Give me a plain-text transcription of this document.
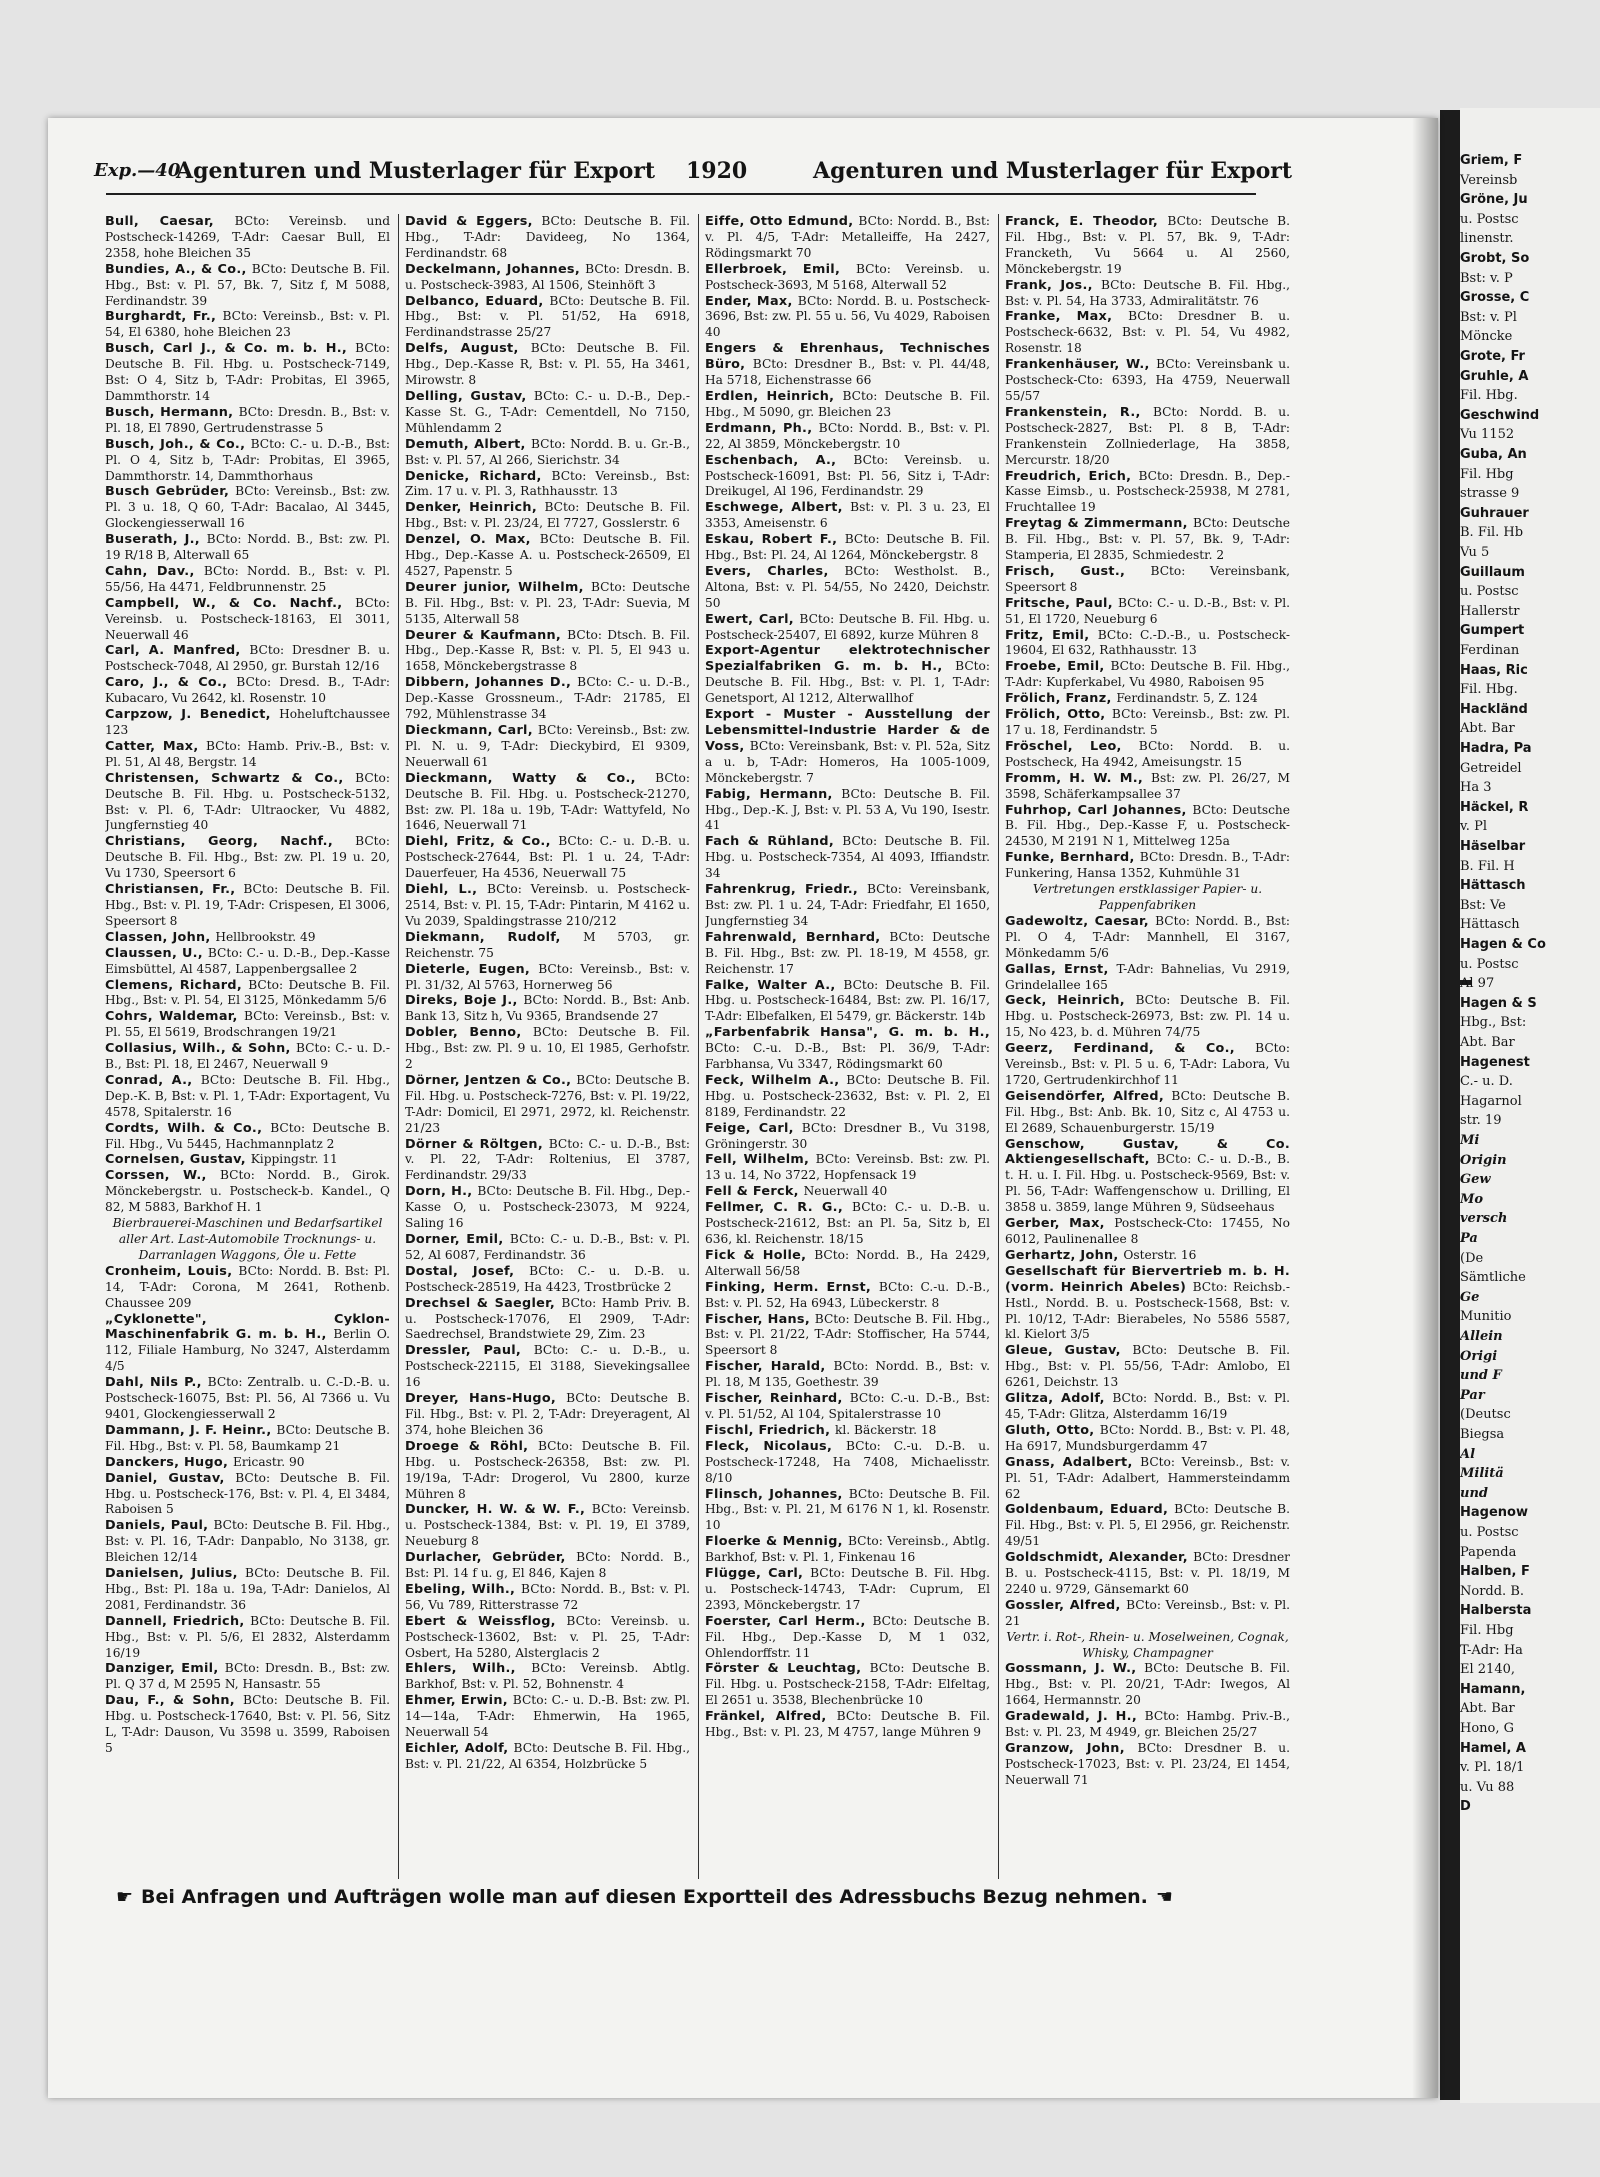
Exp.—40
Agenturen und Musterlager für Export 1920	Agenturen und Musterlager für Export
Bull, Caesar, BCto: Vereinsb. und Postscheck-14269, T-Adr: Caesar Bull, El 2358, hohe Bleichen 35
Bundies, A., & Co., BCto: Deutsche B. Fil. Hbg., Bst: v. Pl. 57, Bk. 7, Sitz f, M 5088, Ferdinandstr. 39
Burghardt, Fr., BCto: Vereinsb., Bst: v. Pl. 54, El 6380, hohe Bleichen 23
Busch, Carl J., & Co. m. b. H., BCto: Deutsche B. Fil. Hbg. u. Postscheck-7149, Bst: O 4, Sitz b, T-Adr: Probitas, El 3965, Dammthorstr. 14
Busch, Hermann, BCto: Dresdn. B., Bst: v. Pl. 18, El 7890, Gertrudenstrasse 5
Busch, Joh., & Co., BCto: C.- u. D.-B., Bst: Pl. O 4, Sitz b, T-Adr: Probitas, El 3965, Dammthorstr. 14, Dammthorhaus
Busch Gebrüder, BCto: Vereinsb., Bst: zw. Pl. 3 u. 18, Q 60, T-Adr: Bacalao, Al 3445, Glockengiesserwall 16
Buserath, J., BCto: Nordd. B., Bst: zw. Pl. 19 R/18 B, Alterwall 65
Cahn, Dav., BCto: Nordd. B., Bst: v. Pl. 55/56, Ha 4471, Feldbrunnenstr. 25
Campbell, W., & Co. Nachf., BCto: Vereinsb. u. Postscheck-18163, El 3011, Neuerwall 46
Carl, A. Manfred, BCto: Dresdner B. u. Postscheck-7048, Al 2950, gr. Burstah 12/16
Caro, J., & Co., BCto: Dresd. B., T-Adr: Kubacaro, Vu 2642, kl. Rosenstr. 10
Carpzow, J. Benedict, Hoheluftchaussee 123
Catter, Max, BCto: Hamb. Priv.-B., Bst: v. Pl. 51, Al 48, Bergstr. 14
Christensen, Schwartz & Co., BCto: Deutsche B. Fil. Hbg. u. Postscheck-5132, Bst: v. Pl. 6, T-Adr: Ultraocker, Vu 4882, Jungfernstieg 40
Christians, Georg, Nachf., BCto: Deutsche B. Fil. Hbg., Bst: zw. Pl. 19 u. 20, Vu 1730, Speersort 6
Christiansen, Fr., BCto: Deutsche B. Fil. Hbg., Bst: v. Pl. 19, T-Adr: Crispesen, El 3006, Speersort 8
Classen, John, Hellbrookstr. 49
Claussen, U., BCto: C.- u. D.-B., Dep.-Kasse Eimsbüttel, Al 4587, Lappenbergsallee 2
Clemens, Richard, BCto: Deutsche B. Fil. Hbg., Bst: v. Pl. 54, El 3125, Mönkedamm 5/6
Cohrs, Waldemar, BCto: Vereinsb., Bst: v. Pl. 55, El 5619, Brodschrangen 19/21
Collasius, Wilh., & Sohn, BCto: C.- u. D.-B., Bst: Pl. 18, El 2467, Neuerwall 9
Conrad, A., BCto: Deutsche B. Fil. Hbg., Dep.-K. B, Bst: v. Pl. 1, T-Adr: Exportagent, Vu 4578, Spitalerstr. 16
Cordts, Wilh. & Co., BCto: Deutsche B. Fil. Hbg., Vu 5445, Hachmannplatz 2
Cornelsen, Gustav, Kippingstr. 11
Corssen, W., BCto: Nordd. B., Girok. Mönckebergstr. u. Postscheck-b. Kandel., Q 82, M 5883, Barkhof H. 1
Bierbrauerei-Maschinen und Bedarfsartikel aller Art. Last-Automobile Trocknungs- u. Darranlagen Waggons, Öle u. Fette
Cronheim, Louis, BCto: Nordd. B. Bst: Pl. 14, T-Adr: Corona, M 2641, Rothenb. Chaussee 209
„Cyklonette", Cyklon-Maschinenfabrik G. m. b. H., Berlin O. 112, Filiale Hamburg, No 3247, Alsterdamm 4/5
Dahl, Nils P., BCto: Zentralb. u. C.-D.-B. u. Postscheck-16075, Bst: Pl. 56, Al 7366 u. Vu 9401, Glockengiesserwall 2
Dammann, J. F. Heinr., BCto: Deutsche B. Fil. Hbg., Bst: v. Pl. 58, Baumkamp 21
Danckers, Hugo, Ericastr. 90
Daniel, Gustav, BCto: Deutsche B. Fil. Hbg. u. Postscheck-176, Bst: v. Pl. 4, El 3484, Raboisen 5
Daniels, Paul, BCto: Deutsche B. Fil. Hbg., Bst: v. Pl. 16, T-Adr: Danpablo, No 3138, gr. Bleichen 12/14
Danielsen, Julius, BCto: Deutsche B. Fil. Hbg., Bst: Pl. 18a u. 19a, T-Adr: Danielos, Al 2081, Ferdinandstr. 36
Dannell, Friedrich, BCto: Deutsche B. Fil. Hbg., Bst: v. Pl. 5/6, El 2832, Alsterdamm 16/19
Danziger, Emil, BCto: Dresdn. B., Bst: zw. Pl. Q 37 d, M 2595 N, Hansastr. 55
Dau, F., & Sohn, BCto: Deutsche B. Fil. Hbg. u. Postscheck-17640, Bst: v. Pl. 56, Sitz L, T-Adr: Dauson, Vu 3598 u. 3599, Raboisen 5
David & Eggers, BCto: Deutsche B. Fil. Hbg., T-Adr: Davideeg, No 1364, Ferdinandstr. 68
Deckelmann, Johannes, BCto: Dresdn. B. u. Postscheck-3983, Al 1506, Steinhöft 3
Delbanco, Eduard, BCto: Deutsche B. Fil. Hbg., Bst: v. Pl. 51/52, Ha 6918, Ferdinandstrasse 25/27
Delfs, August, BCto: Deutsche B. Fil. Hbg., Dep.-Kasse R, Bst: v. Pl. 55, Ha 3461, Mirowstr. 8
Delling, Gustav, BCto: C.- u. D.-B., Dep.-Kasse St. G., T-Adr: Cementdell, No 7150, Mühlendamm 2
Demuth, Albert, BCto: Nordd. B. u. Gr.-B., Bst: v. Pl. 57, Al 266, Sierichstr. 34
Denicke, Richard, BCto: Vereinsb., Bst: Zim. 17 u. v. Pl. 3, Rathhausstr. 13
Denker, Heinrich, BCto: Deutsche B. Fil. Hbg., Bst: v. Pl. 23/24, El 7727, Gosslerstr. 6
Denzel, O. Max, BCto: Deutsche B. Fil. Hbg., Dep.-Kasse A. u. Postscheck-26509, El 4527, Papenstr. 5
Deurer junior, Wilhelm, BCto: Deutsche B. Fil. Hbg., Bst: v. Pl. 23, T-Adr: Suevia, M 5135, Alterwall 58
Deurer & Kaufmann, BCto: Dtsch. B. Fil. Hbg., Dep.-Kasse R, Bst: v. Pl. 5, El 943 u. 1658, Mönckebergstrasse 8
Dibbern, Johannes D., BCto: C.- u. D.-B., Dep.-Kasse Grossneum., T-Adr: 21785, El 792, Mühlenstrasse 34
Dieckmann, Carl, BCto: Vereinsb., Bst: zw. Pl. N. u. 9, T-Adr: Dieckybird, El 9309, Neuerwall 61
Dieckmann, Watty & Co., BCto: Deutsche B. Fil. Hbg. u. Postscheck-21270, Bst: zw. Pl. 18a u. 19b, T-Adr: Wattyfeld, No 1646, Neuerwall 71
Diehl, Fritz, & Co., BCto: C.- u. D.-B. u. Postscheck-27644, Bst: Pl. 1 u. 24, T-Adr: Dauerfeuer, Ha 4536, Neuerwall 75
Diehl, L., BCto: Vereinsb. u. Postscheck-2514, Bst: v. Pl. 15, T-Adr: Pintarin, M 4162 u. Vu 2039, Spaldingstrasse 210/212
Diekmann, Rudolf, M 5703, gr. Reichenstr. 75
Dieterle, Eugen, BCto: Vereinsb., Bst: v. Pl. 31/32, Al 5763, Hornerweg 56
Direks, Boje J., BCto: Nordd. B., Bst: Anb. Bank 13, Sitz h, Vu 9365, Brandsende 27
Dobler, Benno, BCto: Deutsche B. Fil. Hbg., Bst: zw. Pl. 9 u. 10, El 1985, Gerhofstr. 2
Dörner, Jentzen & Co., BCto: Deutsche B. Fil. Hbg. u. Postscheck-7276, Bst: v. Pl. 19/22, T-Adr: Domicil, El 2971, 2972, kl. Reichenstr. 21/23
Dörner & Röltgen, BCto: C.- u. D.-B., Bst: v. Pl. 22, T-Adr: Roltenius, El 3787, Ferdinandstr. 29/33
Dorn, H., BCto: Deutsche B. Fil. Hbg., Dep.-Kasse O, u. Postscheck-23073, M 9224, Saling 16
Dorner, Emil, BCto: C.- u. D.-B., Bst: v. Pl. 52, Al 6087, Ferdinandstr. 36
Dostal, Josef, BCto: C.- u. D.-B. u. Postscheck-28519, Ha 4423, Trostbrücke 2
Drechsel & Saegler, BCto: Hamb Priv. B. u. Postscheck-17076, El 2909, T-Adr: Saedrechsel, Brandstwiete 29, Zim. 23
Dressler, Paul, BCto: C.- u. D.-B., u. Postscheck-22115, El 3188, Sievekingsallee 16
Dreyer, Hans-Hugo, BCto: Deutsche B. Fil. Hbg., Bst: v. Pl. 2, T-Adr: Dreyeragent, Al 374, hohe Bleichen 36
Droege & Röhl, BCto: Deutsche B. Fil. Hbg. u. Postscheck-26358, Bst: zw. Pl. 19/19a, T-Adr: Drogerol, Vu 2800, kurze Mühren 8
Duncker, H. W. & W. F., BCto: Vereinsb. u. Postscheck-1384, Bst: v. Pl. 19, El 3789, Neueburg 8
Durlacher, Gebrüder, BCto: Nordd. B., Bst: Pl. 14 f u. g, El 846, Kajen 8
Ebeling, Wilh., BCto: Nordd. B., Bst: v. Pl. 56, Vu 789, Ritterstrasse 72
Ebert & Weissflog, BCto: Vereinsb. u. Postscheck-13602, Bst: v. Pl. 25, T-Adr: Osbert, Ha 5280, Alsterglacis 2
Ehlers, Wilh., BCto: Vereinsb. Abtlg. Barkhof, Bst: v. Pl. 52, Bohnenstr. 4
Ehmer, Erwin, BCto: C.- u. D.-B. Bst: zw. Pl. 14—14a, T-Adr: Ehmerwin, Ha 1965, Neuerwall 54
Eichler, Adolf, BCto: Deutsche B. Fil. Hbg., Bst: v. Pl. 21/22, Al 6354, Holzbrücke 5
Eiffe, Otto Edmund, BCto: Nordd. B., Bst: v. Pl. 4/5, T-Adr: Metalleiffe, Ha 2427, Rödingsmarkt 70
Ellerbroek, Emil, BCto: Vereinsb. u. Postscheck-3693, M 5168, Alterwall 52
Ender, Max, BCto: Nordd. B. u. Postscheck-3696, Bst: zw. Pl. 55 u. 56, Vu 4029, Raboisen 40
Engers & Ehrenhaus, Technisches Büro, BCto: Dresdner B., Bst: v. Pl. 44/48, Ha 5718, Eichenstrasse 66
Erdlen, Heinrich, BCto: Deutsche B. Fil. Hbg., M 5090, gr. Bleichen 23
Erdmann, Ph., BCto: Nordd. B., Bst: v. Pl. 22, Al 3859, Mönckebergstr. 10
Eschenbach, A., BCto: Vereinsb. u. Postscheck-16091, Bst: Pl. 56, Sitz i, T-Adr: Dreikugel, Al 196, Ferdinandstr. 29
Eschwege, Albert, Bst: v. Pl. 3 u. 23, El 3353, Ameisenstr. 6
Eskau, Robert F., BCto: Deutsche B. Fil. Hbg., Bst: Pl. 24, Al 1264, Mönckebergstr. 8
Evers, Charles, BCto: Westholst. B., Altona, Bst: v. Pl. 54/55, No 2420, Deichstr. 50
Ewert, Carl, BCto: Deutsche B. Fil. Hbg. u. Postscheck-25407, El 6892, kurze Mühren 8
Export-Agentur elektrotechnischer Spezialfabriken G. m. b. H., BCto: Deutsche B. Fil. Hbg., Bst: v. Pl. 1, T-Adr: Genetsport, Al 1212, Alterwallhof
Export - Muster - Ausstellung der Lebensmittel-Industrie Harder & de Voss, BCto: Vereinsbank, Bst: v. Pl. 52a, Sitz a u. b, T-Adr: Homeros, Ha 1005-1009, Mönckebergstr. 7
Fabig, Hermann, BCto: Deutsche B. Fil. Hbg., Dep.-K. J, Bst: v. Pl. 53 A, Vu 190, Isestr. 41
Fach & Rühland, BCto: Deutsche B. Fil. Hbg. u. Postscheck-7354, Al 4093, Iffiandstr. 34
Fahrenkrug, Friedr., BCto: Vereinsbank, Bst: zw. Pl. 1 u. 24, T-Adr: Friedfahr, El 1650, Jungfernstieg 34
Fahrenwald, Bernhard, BCto: Deutsche B. Fil. Hbg., Bst: zw. Pl. 18-19, M 4558, gr. Reichenstr. 17
Falke, Walter A., BCto: Deutsche B. Fil. Hbg. u. Postscheck-16484, Bst: zw. Pl. 16/17, T-Adr: Elbefalken, El 5479, gr. Bäckerstr. 14b
„Farbenfabrik Hansa", G. m. b. H., BCto: C.-u. D.-B., Bst: Pl. 36/9, T-Adr: Farbhansa, Vu 3347, Rödingsmarkt 60
Feck, Wilhelm A., BCto: Deutsche B. Fil. Hbg. u. Postscheck-23632, Bst: v. Pl. 2, El 8189, Ferdinandstr. 22
Feige, Carl, BCto: Dresdner B., Vu 3198, Gröningerstr. 30
Fell, Wilhelm, BCto: Vereinsb. Bst: zw. Pl. 13 u. 14, No 3722, Hopfensack 19
Fell & Ferck, Neuerwall 40
Fellmer, C. R. G., BCto: C.- u. D.-B. u. Postscheck-21612, Bst: an Pl. 5a, Sitz b, El 636, kl. Reichenstr. 18/15
Fick & Holle, BCto: Nordd. B., Ha 2429, Alterwall 56/58
Finking, Herm. Ernst, BCto: C.-u. D.-B., Bst: v. Pl. 52, Ha 6943, Lübeckerstr. 8
Fischer, Hans, BCto: Deutsche B. Fil. Hbg., Bst: v. Pl. 21/22, T-Adr: Stoffischer, Ha 5744, Speersort 8
Fischer, Harald, BCto: Nordd. B., Bst: v. Pl. 18, M 135, Goethestr. 39
Fischer, Reinhard, BCto: C.-u. D.-B., Bst: v. Pl. 51/52, Al 104, Spitalerstrasse 10
Fischl, Friedrich, kl. Bäckerstr. 18
Fleck, Nicolaus, BCto: C.-u. D.-B. u. Postscheck-17248, Ha 7408, Michaelisstr. 8/10
Flinsch, Johannes, BCto: Deutsche B. Fil. Hbg., Bst: v. Pl. 21, M 6176 N 1, kl. Rosenstr. 10
Floerke & Mennig, BCto: Vereinsb., Abtlg. Barkhof, Bst: v. Pl. 1, Finkenau 16
Flügge, Carl, BCto: Deutsche B. Fil. Hbg. u. Postscheck-14743, T-Adr: Cuprum, El 2393, Mönckebergstr. 17
Foerster, Carl Herm., BCto: Deutsche B. Fil. Hbg., Dep.-Kasse D, M 1 032, Ohlendorffstr. 11
Förster & Leuchtag, BCto: Deutsche B. Fil. Hbg. u. Postscheck-2158, T-Adr: Elfeltag, El 2651 u. 3538, Blechenbrücke 10
Fränkel, Alfred, BCto: Deutsche B. Fil. Hbg., Bst: v. Pl. 23, M 4757, lange Mühren 9
Franck, E. Theodor, BCto: Deutsche B. Fil. Hbg., Bst: v. Pl. 57, Bk. 9, T-Adr: Francketh, Vu 5664 u. Al 2560, Mönckebergstr. 19
Frank, Jos., BCto: Deutsche B. Fil. Hbg., Bst: v. Pl. 54, Ha 3733, Admiralitätstr. 76
Franke, Max, BCto: Dresdner B. u. Postscheck-6632, Bst: v. Pl. 54, Vu 4982, Rosenstr. 18
Frankenhäuser, W., BCto: Vereinsbank u. Postscheck-Cto: 6393, Ha 4759, Neuerwall 55/57
Frankenstein, R., BCto: Nordd. B. u. Postscheck-2827, Bst: Pl. 8 B, T-Adr: Frankenstein Zollniederlage, Ha 3858, Mercurstr. 18/20
Freudrich, Erich, BCto: Dresdn. B., Dep.-Kasse Eimsb., u. Postscheck-25938, M 2781, Fruchtallee 19
Freytag & Zimmermann, BCto: Deutsche B. Fil. Hbg., Bst: v. Pl. 57, Bk. 9, T-Adr: Stamperia, El 2835, Schmiedestr. 2
Frisch, Gust., BCto: Vereinsbank, Speersort 8
Fritsche, Paul, BCto: C.- u. D.-B., Bst: v. Pl. 51, El 1720, Neueburg 6
Fritz, Emil, BCto: C.-D.-B., u. Postscheck-19604, El 632, Rathhausstr. 13
Froebe, Emil, BCto: Deutsche B. Fil. Hbg., T-Adr: Kupferkabel, Vu 4980, Raboisen 95
Frölich, Franz, Ferdinandstr. 5, Z. 124
Frölich, Otto, BCto: Vereinsb., Bst: zw. Pl. 17 u. 18, Ferdinandstr. 5
Fröschel, Leo, BCto: Nordd. B. u. Postscheck, Ha 4942, Ameisungstr. 15
Fromm, H. W. M., Bst: zw. Pl. 26/27, M 3598, Schäferkampsallee 37
Fuhrhop, Carl Johannes, BCto: Deutsche B. Fil. Hbg., Dep.-Kasse F, u. Postscheck-24530, M 2191 N 1, Mittelweg 125a
Funke, Bernhard, BCto: Dresdn. B., T-Adr: Funkering, Hansa 1352, Kuhmühle 31
Vertretungen erstklassiger Papier- u. Pappenfabriken
Gadewoltz, Caesar, BCto: Nordd. B., Bst: Pl. O 4, T-Adr: Mannhell, El 3167, Mönkedamm 5/6
Gallas, Ernst, T-Adr: Bahnelias, Vu 2919, Grindelallee 165
Geck, Heinrich, BCto: Deutsche B. Fil. Hbg. u. Postscheck-26973, Bst: zw. Pl. 14 u. 15, No 423, b. d. Mühren 74/75
Geerz, Ferdinand, & Co., BCto: Vereinsb., Bst: v. Pl. 5 u. 6, T-Adr: Labora, Vu 1720, Gertrudenkirchhof 11
Geisendörfer, Alfred, BCto: Deutsche B. Fil. Hbg., Bst: Anb. Bk. 10, Sitz c, Al 4753 u. El 2689, Schauenburgerstr. 15/19
Genschow, Gustav, & Co. Aktiengesellschaft, BCto: C.- u. D.-B., B. t. H. u. I. Fil. Hbg. u. Postscheck-9569, Bst: v. Pl. 56, T-Adr: Waffengenschow u. Drilling, El 3858 u. 3859, lange Mühren 9, Südseehaus
Gerber, Max, Postscheck-Cto: 17455, No 6012, Paulinenallee 8
Gerhartz, John, Osterstr. 16
Gesellschaft für Biervertrieb m. b. H. (vorm. Heinrich Abeles) BCto: Reichsb.-Hstl., Nordd. B. u. Postscheck-1568, Bst: v. Pl. 10/12, T-Adr: Bierabeles, No 5586 5587, kl. Kielort 3/5
Gleue, Gustav, BCto: Deutsche B. Fil. Hbg., Bst: v. Pl. 55/56, T-Adr: Amlobo, El 6261, Deichstr. 13
Glitza, Adolf, BCto: Nordd. B., Bst: v. Pl. 45, T-Adr: Glitza, Alsterdamm 16/19
Gluth, Otto, BCto: Nordd. B., Bst: v. Pl. 48, Ha 6917, Mundsburgerdamm 47
Gnass, Adalbert, BCto: Vereinsb., Bst: v. Pl. 51, T-Adr: Adalbert, Hammersteindamm 62
Goldenbaum, Eduard, BCto: Deutsche B. Fil. Hbg., Bst: v. Pl. 5, El 2956, gr. Reichenstr. 49/51
Goldschmidt, Alexander, BCto: Dresdner B. u. Postscheck-4115, Bst: v. Pl. 18/19, M 2240 u. 9729, Gänsemarkt 60
Gossler, Alfred, BCto: Vereinsb., Bst: v. Pl. 21
Vertr. i. Rot-, Rhein- u. Moselweinen, Cognak, Whisky, Champagner
Gossmann, J. W., BCto: Deutsche B. Fil. Hbg., Bst: v. Pl. 20/21, T-Adr: Iwegos, Al 1664, Hermannstr. 20
Gradewald, J. H., BCto: Hambg. Priv.-B., Bst: v. Pl. 23, M 4949, gr. Bleichen 25/27
Granzow, John, BCto: Dresdner B. u. Postscheck-17023, Bst: v. Pl. 23/24, El 1454, Neuerwall 71
☛ Bei Anfragen und Aufträgen wolle man auf diesen Exportteil des Adressbuchs Bezug nehmen. ☚
Griem, F
Vereinsb
Gröne, Ju
u. Postsc
linenstr.
Grobt, So
Bst: v. P
Grosse, C
Bst: v. Pl
Möncke
Grote, Fr
Gruhle, A
Fil. Hbg.
Geschwind
Vu 1152
Guba, An
Fil. Hbg
strasse 9
Guhrauer
B. Fil. Hb
Vu 5
Guillaum
u. Postsc
Hallerstr
Gumpert
Ferdinan
Haas, Ric
Fil. Hbg.
Hackländ
Abt. Bar
Hadra, Pa
Getreidel
Ha 3
Häckel, R
v. Pl
Häselbar
B. Fil. H
Hättasch
Bst: Ve
Hättasch
Hagen & Co
u. Postsc
Al 97
Hagen & S
Hbg., Bst:
Abt. Bar
Hagenest
C.- u. D.
Hagarnol
str. 19
Mi
Origin
Gew
Mo
versch
Pa
(De
Sämtliche
Ge
Munitio
Allein
Origi
und F
Par
(Deutsc
Biegsa
Al
Militä
und
Hagenow
u. Postsc
Papenda
Halben, F
Nordd. B.
Halbersta
Fil. Hbg
T-Adr: Ha
El 2140,
Hamann,
Abt. Bar
Hono, G
Hamel, A
v. Pl. 18/1
u. Vu 88
D
